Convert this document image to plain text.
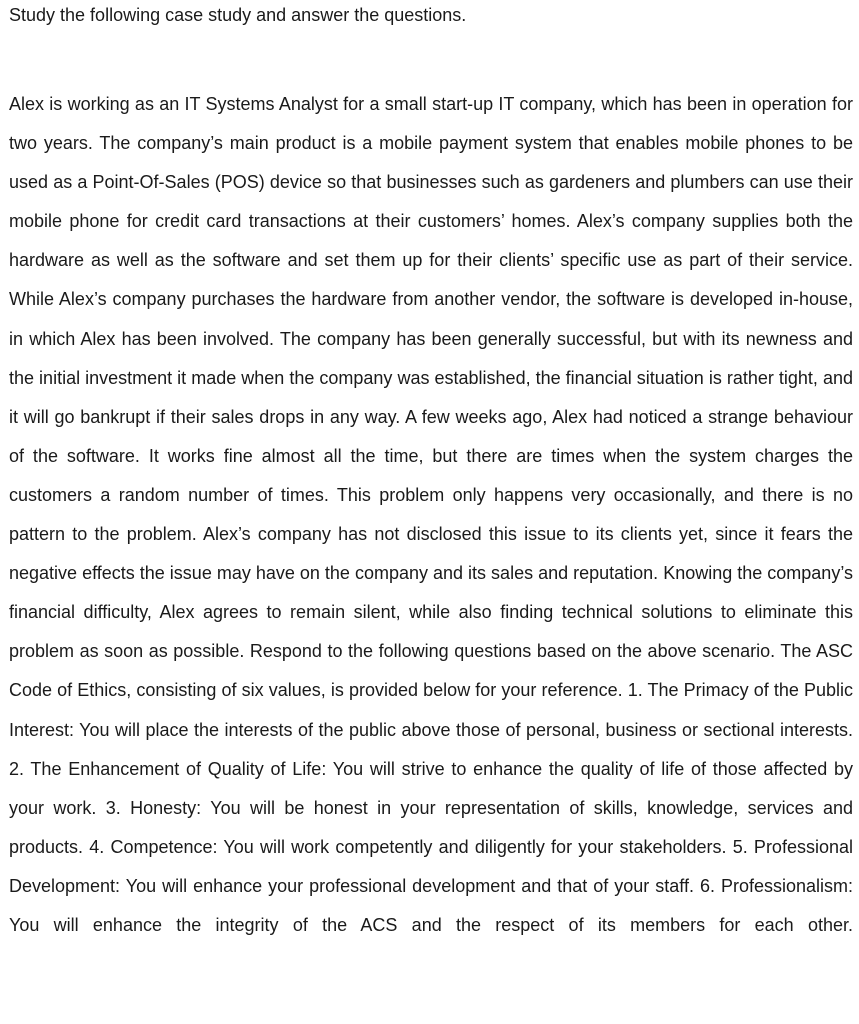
Study the following case study and answer the questions.

Alex is working as an IT Systems Analyst for a small start-up IT company, which has been in operation for two years. The company’s main product is a mobile payment system that enables mobile phones to be used as a Point-Of-Sales (POS) device so that businesses such as gardeners and plumbers can use their mobile phone for credit card transactions at their customers’ homes. Alex’s company supplies both the hardware as well as the software and set them up for their clients’ specific use as part of their service. While Alex’s company purchases the hardware from another vendor, the software is developed in-house, in which Alex has been involved. The company has been generally successful, but with its newness and the initial investment it made when the company was established, the financial situation is rather tight, and it will go bankrupt if their sales drops in any way. A few weeks ago, Alex had noticed a strange behaviour of the software. It works fine almost all the time, but there are times when the system charges the customers a random number of times. This problem only happens very occasionally, and there is no pattern to the problem. Alex’s company has not disclosed this issue to its clients yet, since it fears the negative effects the issue may have on the company and its sales and reputation. Knowing the company’s financial difficulty, Alex agrees to remain silent, while also finding technical solutions to eliminate this problem as soon as possible. Respond to the following questions based on the above scenario. The ASC Code of Ethics, consisting of six values, is provided below for your reference. 1. The Primacy of the Public Interest: You will place the interests of the public above those of personal, business or sectional interests. 2. The Enhancement of Quality of Life: You will strive to enhance the quality of life of those affected by your work. 3. Honesty: You will be honest in your representation of skills, knowledge, services and products. 4. Competence: You will work competently and diligently for your stakeholders. 5. Professional Development: You will enhance your professional development and that of your staff. 6. Professionalism: You will enhance the integrity of the ACS and the respect of its members for each other.
